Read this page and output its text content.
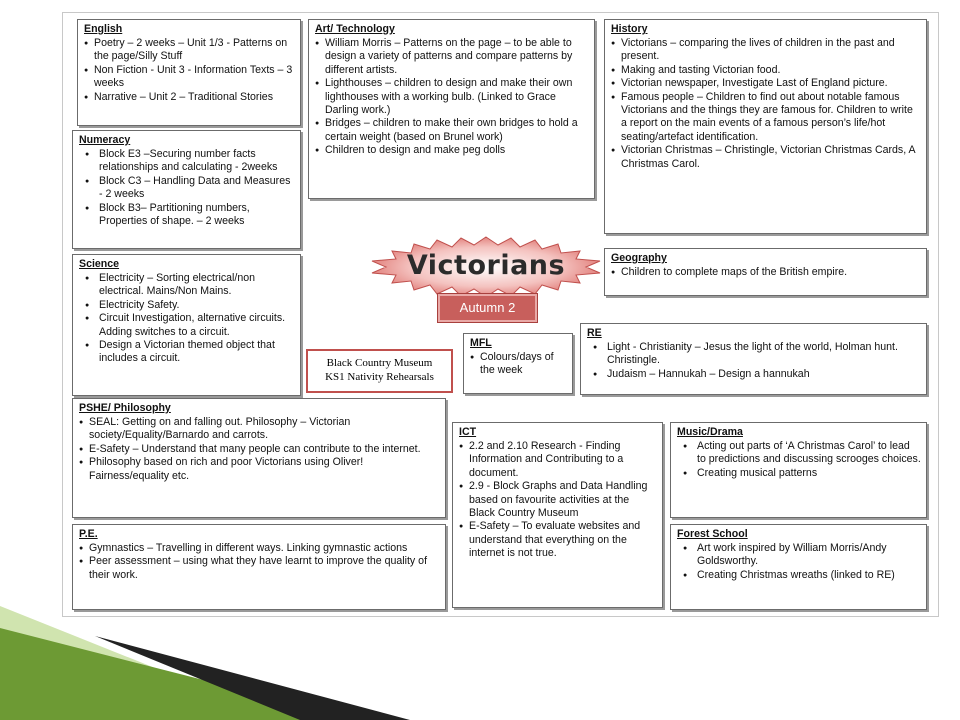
English
● Poetry – 2 weeks – Unit 1/3 - Patterns on the page/Silly Stuff
● Non Fiction - Unit 3 - Information Texts – 3 weeks
● Narrative – Unit 2 – Traditional Stories
Art/ Technology
● William Morris – Patterns on the page – to be able to design a variety of patterns and compare patterns by different artists.
● Lighthouses – children to design and make their own lighthouses with a working bulb. (Linked to Grace Darling work.)
● Bridges – children to make their own bridges to hold a certain weight (based on Brunel work)
● Children to design and make peg dolls
History
● Victorians – comparing the lives of children in the past and present.
● Making and tasting Victorian food.
● Victorian newspaper, Investigate Last of England picture.
● Famous people – Children to find out about notable famous Victorians and the things they are famous for. Children to write a report on the main events of a famous person’s life/hot seating/artefact identification.
● Victorian Christmas – Christingle, Victorian Christmas Cards, A Christmas Carol.
Numeracy
● Block E3 –Securing number facts relationships and calculating - 2weeks
● Block C3 – Handling Data and Measures - 2 weeks
● Block B3– Partitioning numbers, Properties of shape. – 2 weeks
Victorians
Autumn 2
Geography
● Children to complete maps of the British empire.
Science
● Electricity – Sorting electrical/non electrical. Mains/Non Mains.
● Electricity Safety.
● Circuit Investigation, alternative circuits. Adding switches to a circuit.
● Design a Victorian themed object that includes a circuit.	Black Country Museum
KS1 Nativity Rehearsals
MFL
● Colours/days of the week
RE
● Light - Christianity – Jesus the light of the world, Holman hunt. Christingle.
● Judaism – Hannukah – Design a hannukah
PSHE/ Philosophy
● SEAL: Getting on and falling out. Philosophy – Victorian society/Equality/Barnardo and carrots.
● E-Safety – Understand that many people can contribute to the internet.
● Philosophy based on rich and poor Victorians using Oliver! Fairness/equality etc.
ICT
● 2.2 and 2.10 Research - Finding Information and Contributing to a document.
● 2.9 - Block Graphs and Data Handling based on favourite activities at the Black Country Museum
● E-Safety – To evaluate websites and understand that everything on the internet is not true.
Music/Drama
● Acting out parts of ‘A Christmas Carol’ to lead to predictions and discussing scrooges choices.
● Creating musical patterns
P.E.
● Gymnastics – Travelling in different ways. Linking gymnastic actions
● Peer assessment – using what they have learnt to improve the quality of their work.
Forest School
● Art work inspired by William Morris/Andy Goldsworthy.
● Creating Christmas wreaths (linked to RE)
